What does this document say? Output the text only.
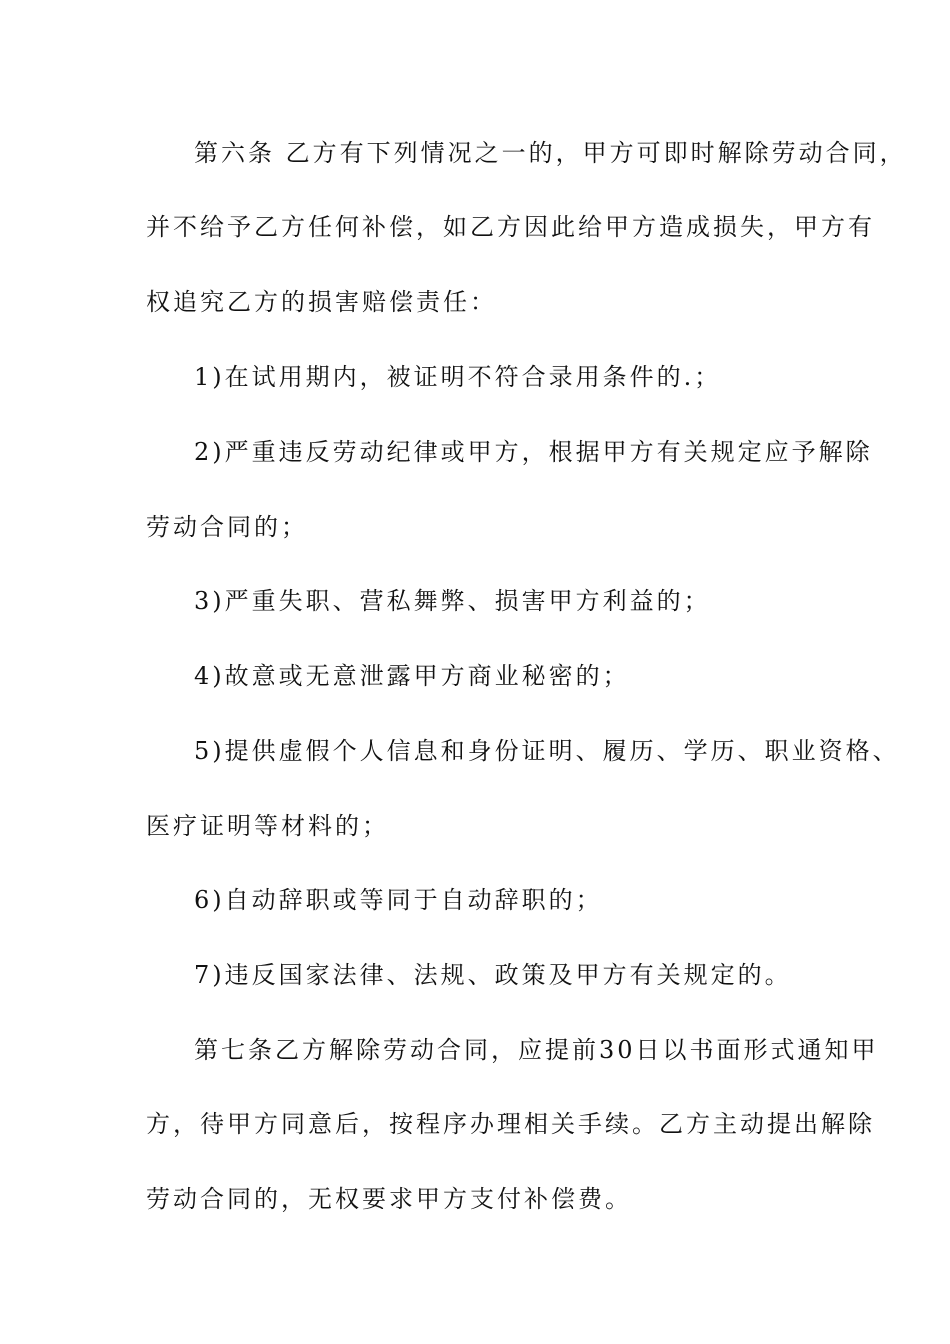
第六条 乙方有下列情况之一的，甲方可即时解除劳动合同，
并不给予乙方任何补偿，如乙方因此给甲方造成损失，甲方有
权追究乙方的损害赔偿责任：
1)在试用期内，被证明不符合录用条件的.；
2)严重违反劳动纪律或甲方，根据甲方有关规定应予解除
劳动合同的；
3)严重失职、营私舞弊、损害甲方利益的；
4)故意或无意泄露甲方商业秘密的；
5)提供虚假个人信息和身份证明、履历、学历、职业资格、
医疗证明等材料的；
6)自动辞职或等同于自动辞职的；
7)违反国家法律、法规、政策及甲方有关规定的。
第七条乙方解除劳动合同，应提前30日以书面形式通知甲
方，待甲方同意后，按程序办理相关手续。乙方主动提出解除
劳动合同的，无权要求甲方支付补偿费。
